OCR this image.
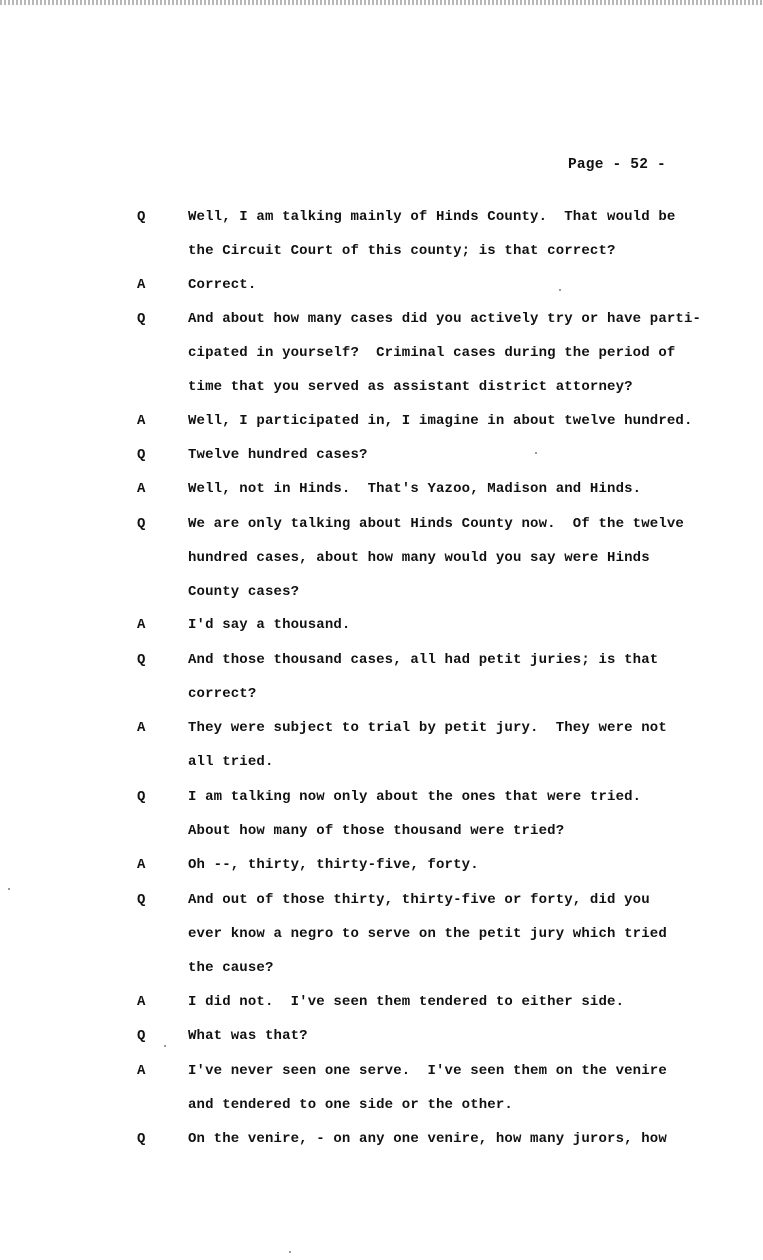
Page - 52 -
Q	Well, I am talking mainly of Hinds County.  That would be
the Circuit Court of this county; is that correct?
A	Correct.
Q	And about how many cases did you actively try or have parti-
cipated in yourself?  Criminal cases during the period of
time that you served as assistant district attorney?
A	Well, I participated in, I imagine in about twelve hundred.
Q	Twelve hundred cases?
A	Well, not in Hinds.  That's Yazoo, Madison and Hinds.
Q	We are only talking about Hinds County now.  Of the twelve
hundred cases, about how many would you say were Hinds
County cases?
A	I'd say a thousand.
Q	And those thousand cases, all had petit juries; is that
correct?
A	They were subject to trial by petit jury.  They were not
all tried.
Q	I am talking now only about the ones that were tried.
About how many of those thousand were tried?
A	Oh --, thirty, thirty-five, forty.
Q	And out of those thirty, thirty-five or forty, did you
ever know a negro to serve on the petit jury which tried
the cause?
A	I did not.  I've seen them tendered to either side.
Q	What was that?
A	I've never seen one serve.  I've seen them on the venire
and tendered to one side or the other.
Q	On the venire, - on any one venire, how many jurors, how
